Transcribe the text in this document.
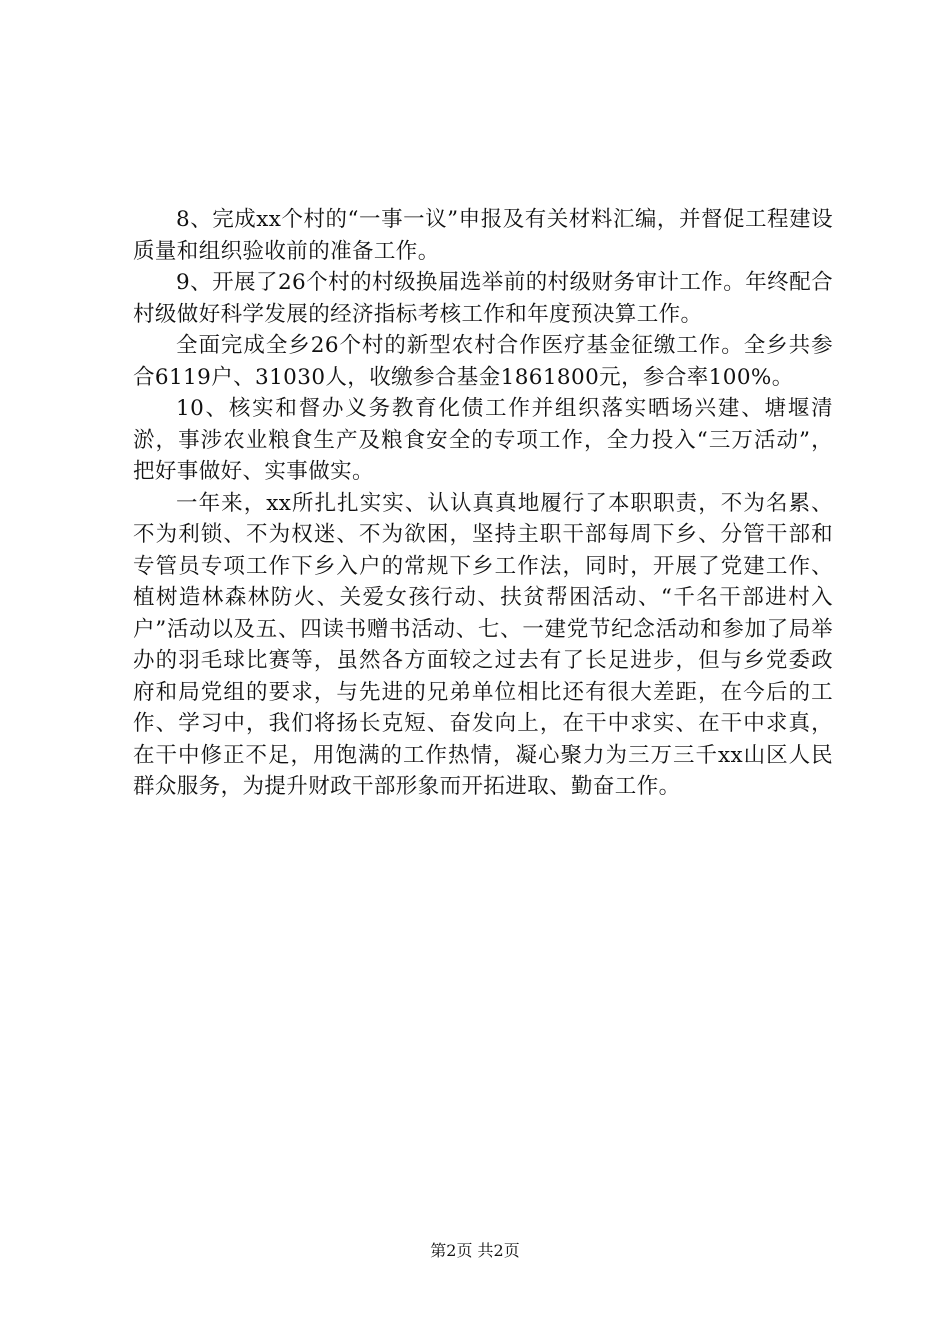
8、完成xx个村的“一事一议”申报及有关材料汇编，并督促工程建设质量和组织验收前的准备工作。

9、开展了26个村的村级换届选举前的村级财务审计工作。年终配合村级做好科学发展的经济指标考核工作和年度预决算工作。

全面完成全乡26个村的新型农村合作医疗基金征缴工作。全乡共参合6119户、31030人，收缴参合基金1861800元，参合率100%。

10、核实和督办义务教育化债工作并组织落实晒场兴建、塘堰清淤，事涉农业粮食生产及粮食安全的专项工作，全力投入“三万活动”，把好事做好、实事做实。

一年来，xx所扎扎实实、认认真真地履行了本职职责，不为名累、不为利锁、不为权迷、不为欲困，坚持主职干部每周下乡、分管干部和专管员专项工作下乡入户的常规下乡工作法，同时，开展了党建工作、植树造林森林防火、关爱女孩行动、扶贫帮困活动、“千名干部进村入户”活动以及五、四读书赠书活动、七、一建党节纪念活动和参加了局举办的羽毛球比赛等，虽然各方面较之过去有了长足进步，但与乡党委政府和局党组的要求，与先进的兄弟单位相比还有很大差距，在今后的工作、学习中，我们将扬长克短、奋发向上，在干中求实、在干中求真，在干中修正不足，用饱满的工作热情，凝心聚力为三万三千xx山区人民群众服务，为提升财政干部形象而开拓进取、勤奋工作。

第2页 共2页
